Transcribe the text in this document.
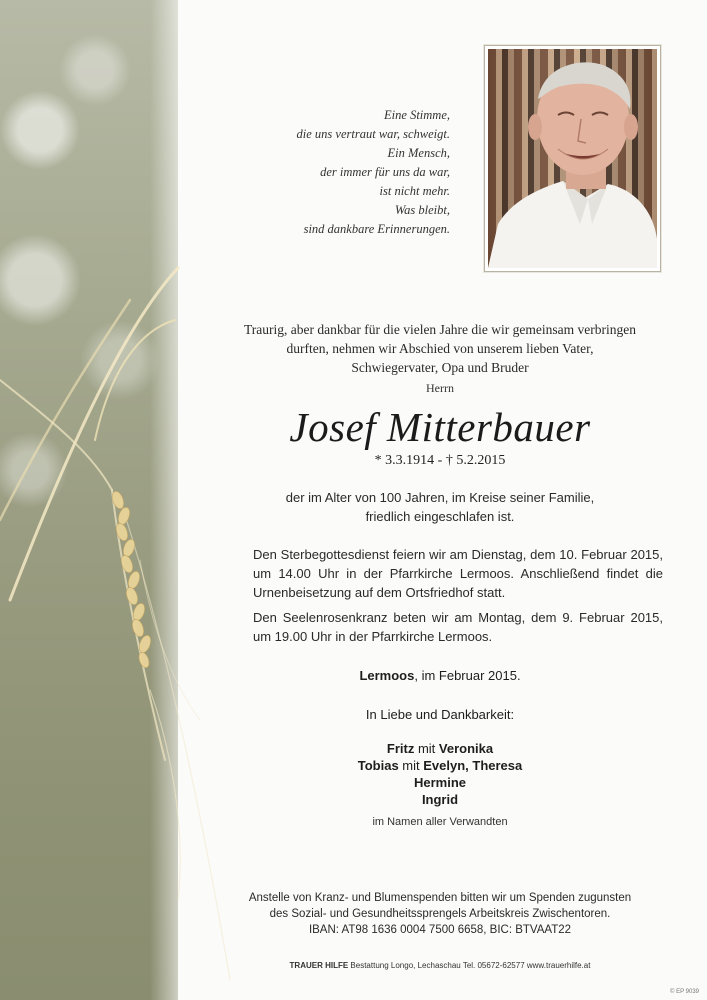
Eine Stimme,
die uns vertraut war, schweigt.
Ein Mensch,
der immer für uns da war,
ist nicht mehr.
Was bleibt,
sind dankbare Erinnerungen.
Traurig, aber dankbar für die vielen Jahre die wir gemeinsam verbringen
durften, nehmen wir Abschied von unserem lieben Vater,
Schwiegervater, Opa und Bruder
Herrn
Josef Mitterbauer
* 3.3.1914 - † 5.2.2015
der im Alter von 100 Jahren, im Kreise seiner Familie,
friedlich eingeschlafen ist.
Den Sterbegottesdienst feiern wir am Dienstag, dem 10. Februar 2015, um 14.00 Uhr in der Pfarrkirche Lermoos. Anschließend findet die Urnenbeisetzung auf dem Ortsfriedhof statt.
Den Seelenrosenkranz beten wir am Montag, dem 9. Februar 2015, um 19.00 Uhr in der Pfarrkirche Lermoos.
Lermoos, im Februar 2015.
In Liebe und Dankbarkeit:
Fritz mit Veronika
Tobias mit Evelyn, Theresa
Hermine
Ingrid
im Namen aller Verwandten
Anstelle von Kranz- und Blumenspenden bitten wir um Spenden zugunsten
des Sozial- und Gesundheitssprengels Arbeitskreis Zwischentoren.
IBAN: AT98 1636 0004 7500 6658, BIC: BTVAAT22
TRAUER HILFE Bestattung Longo, Lechaschau Tel. 05672-62577 www.trauerhilfe.at
© EP 9039
